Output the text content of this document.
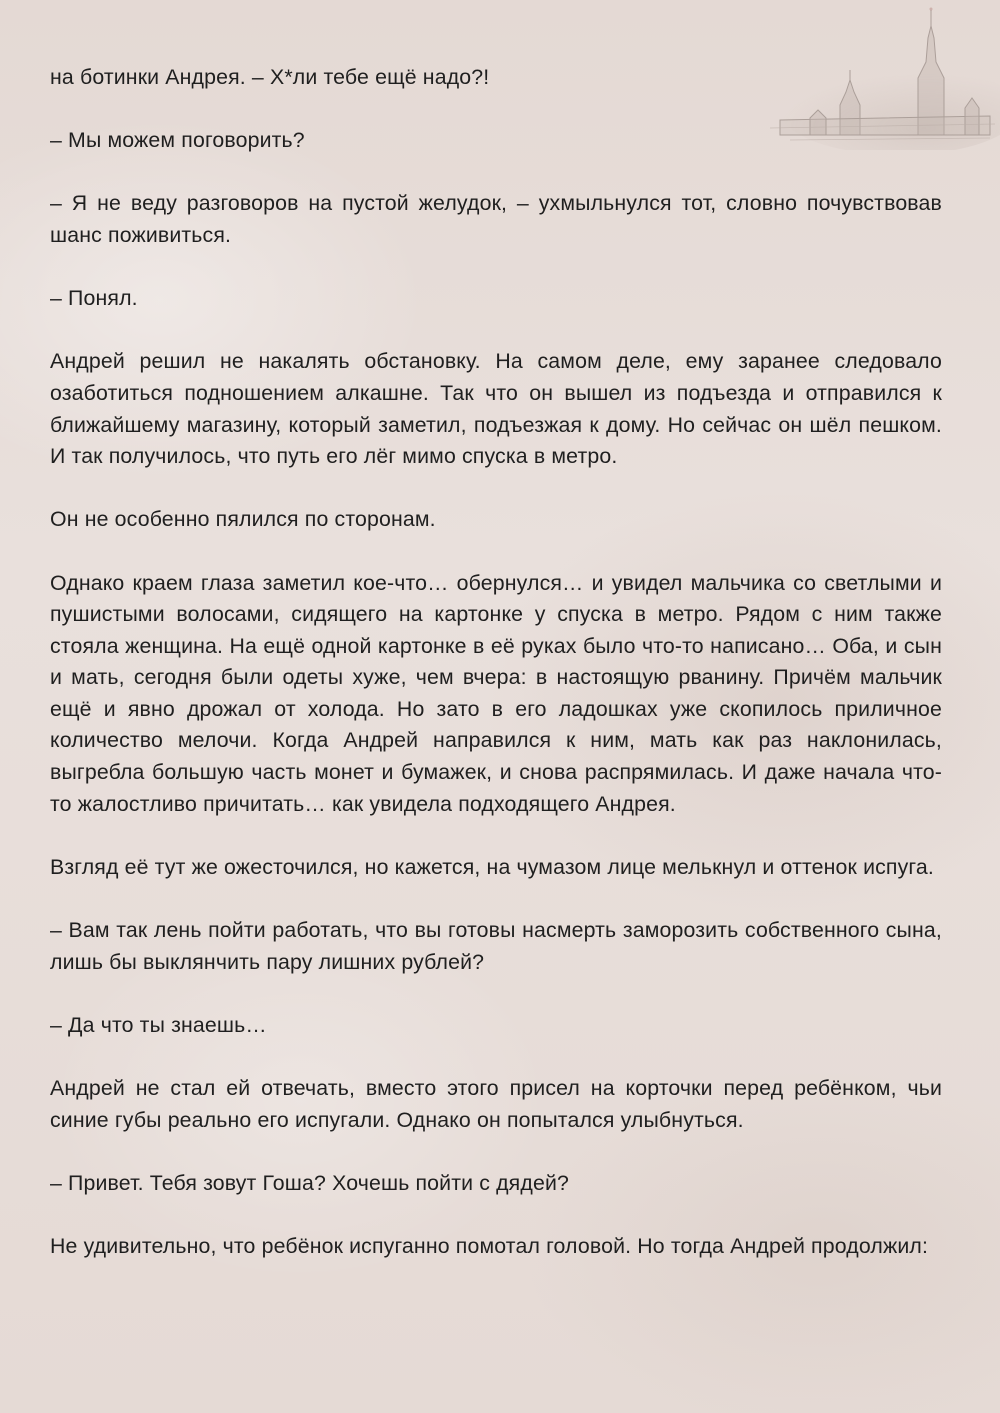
на ботинки Андрея. – Х*ли тебе ещё надо?!

– Мы можем поговорить?

– Я не веду разговоров на пустой желудок, – ухмыльнулся тот, словно почувствовав шанс поживиться.

– Понял.

Андрей решил не накалять обстановку. На самом деле, ему заранее следовало озаботиться подношением алкашне. Так что он вышел из подъезда и отправился к ближайшему магазину, который заметил, подъезжая к дому. Но сейчас он шёл пешком. И так получилось, что путь его лёг мимо спуска в метро.

Он не особенно пялился по сторонам.

Однако краем глаза заметил кое-что… обернулся… и увидел мальчика со светлыми и пушистыми волосами, сидящего на картонке у спуска в метро. Рядом с ним также стояла женщина. На ещё одной картонке в её руках было что-то написано… Оба, и сын и мать, сегодня были одеты хуже, чем вчера: в настоящую рванину. Причём мальчик ещё и явно дрожал от холода. Но зато в его ладошках уже скопилось приличное количество мелочи. Когда Андрей направился к ним, мать как раз наклонилась, выгребла большую часть монет и бумажек, и снова распрямилась. И даже начала что-то жалостливо причитать… как увидела подходящего Андрея.

Взгляд её тут же ожесточился, но кажется, на чумазом лице мелькнул и оттенок испуга.

– Вам так лень пойти работать, что вы готовы насмерть заморозить собственного сына, лишь бы выклянчить пару лишних рублей?

– Да что ты знаешь…

Андрей не стал ей отвечать, вместо этого присел на корточки перед ребёнком, чьи синие губы реально его испугали. Однако он попытался улыбнуться.

– Привет. Тебя зовут Гоша? Хочешь пойти с дядей?

Не удивительно, что ребёнок испуганно помотал головой. Но тогда Андрей продолжил:
